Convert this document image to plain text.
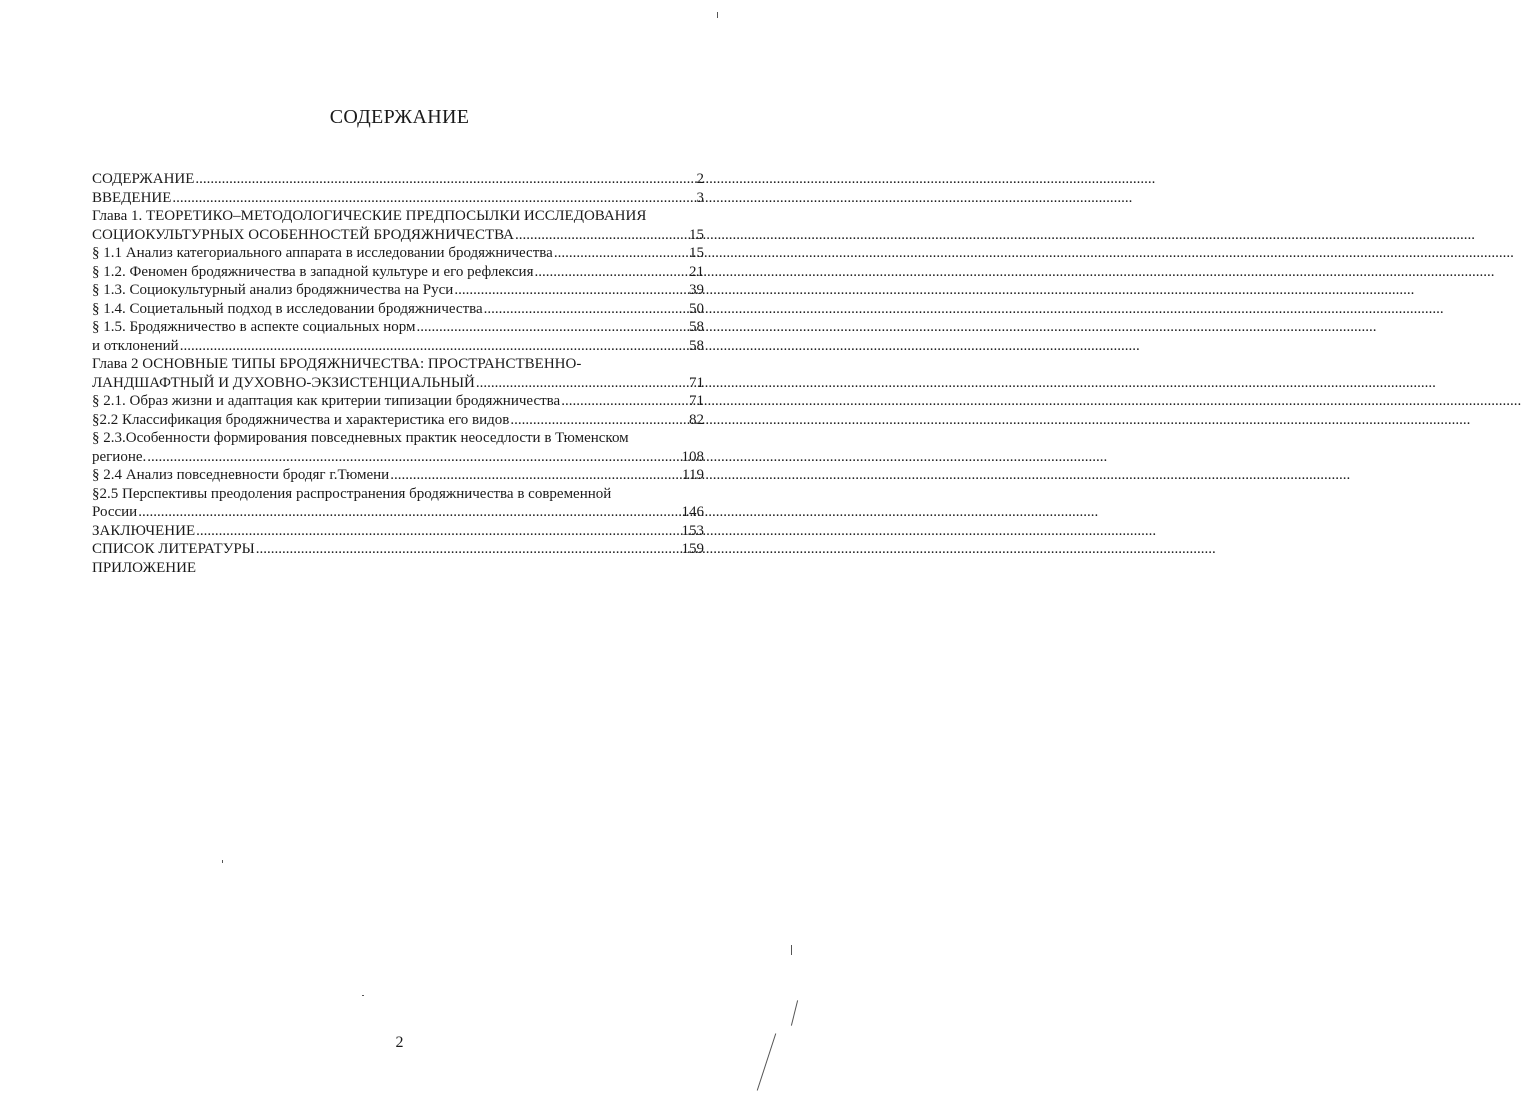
СОДЕРЖАНИЕ
СОДЕРЖАНИЕ .....	2
ВВЕДЕНИЕ .....	3
Глава 1. ТЕОРЕТИКО–МЕТОДОЛОГИЧЕСКИЕ ПРЕДПОСЫЛКИ ИССЛЕДОВАНИЯ
СОЦИОКУЛЬТУРНЫХ ОСОБЕННОСТЕЙ БРОДЯЖНИЧЕСТВА .....	15
§ 1.1 Анализ категориального аппарата в исследовании бродяжничества .....	15
§ 1.2. Феномен бродяжничества в западной культуре и его рефлексия .....	21
§ 1.3. Социокультурный анализ бродяжничества на Руси .....	39
§ 1.4. Социетальный подход в исследовании бродяжничества .....	50
§ 1.5. Бродяжничество в аспекте социальных норм .....	58
и отклонений .....	58
Глава 2 ОСНОВНЫЕ ТИПЫ БРОДЯЖНИЧЕСТВА: ПРОСТРАНСТВЕННО-
ЛАНДШАФТНЫЙ И ДУХОВНО-ЭКЗИСТЕНЦИАЛЬНЫЙ .....	71
§ 2.1. Образ жизни и адаптация как критерии типизации бродяжничества .....	71
§2.2 Классификация бродяжничества и характеристика его видов .....	82
§ 2.3.Особенности формирования повседневных практик неоседлости в Тюменском
регионе. .....	108
§ 2.4 Анализ повседневности бродяг г.Тюмени .....	119
§2.5 Перспективы преодоления распространения бродяжничества в современной
России .....	146
ЗАКЛЮЧЕНИЕ .....	153
СПИСОК ЛИТЕРАТУРЫ .....	159
ПРИЛОЖЕНИЕ
2
